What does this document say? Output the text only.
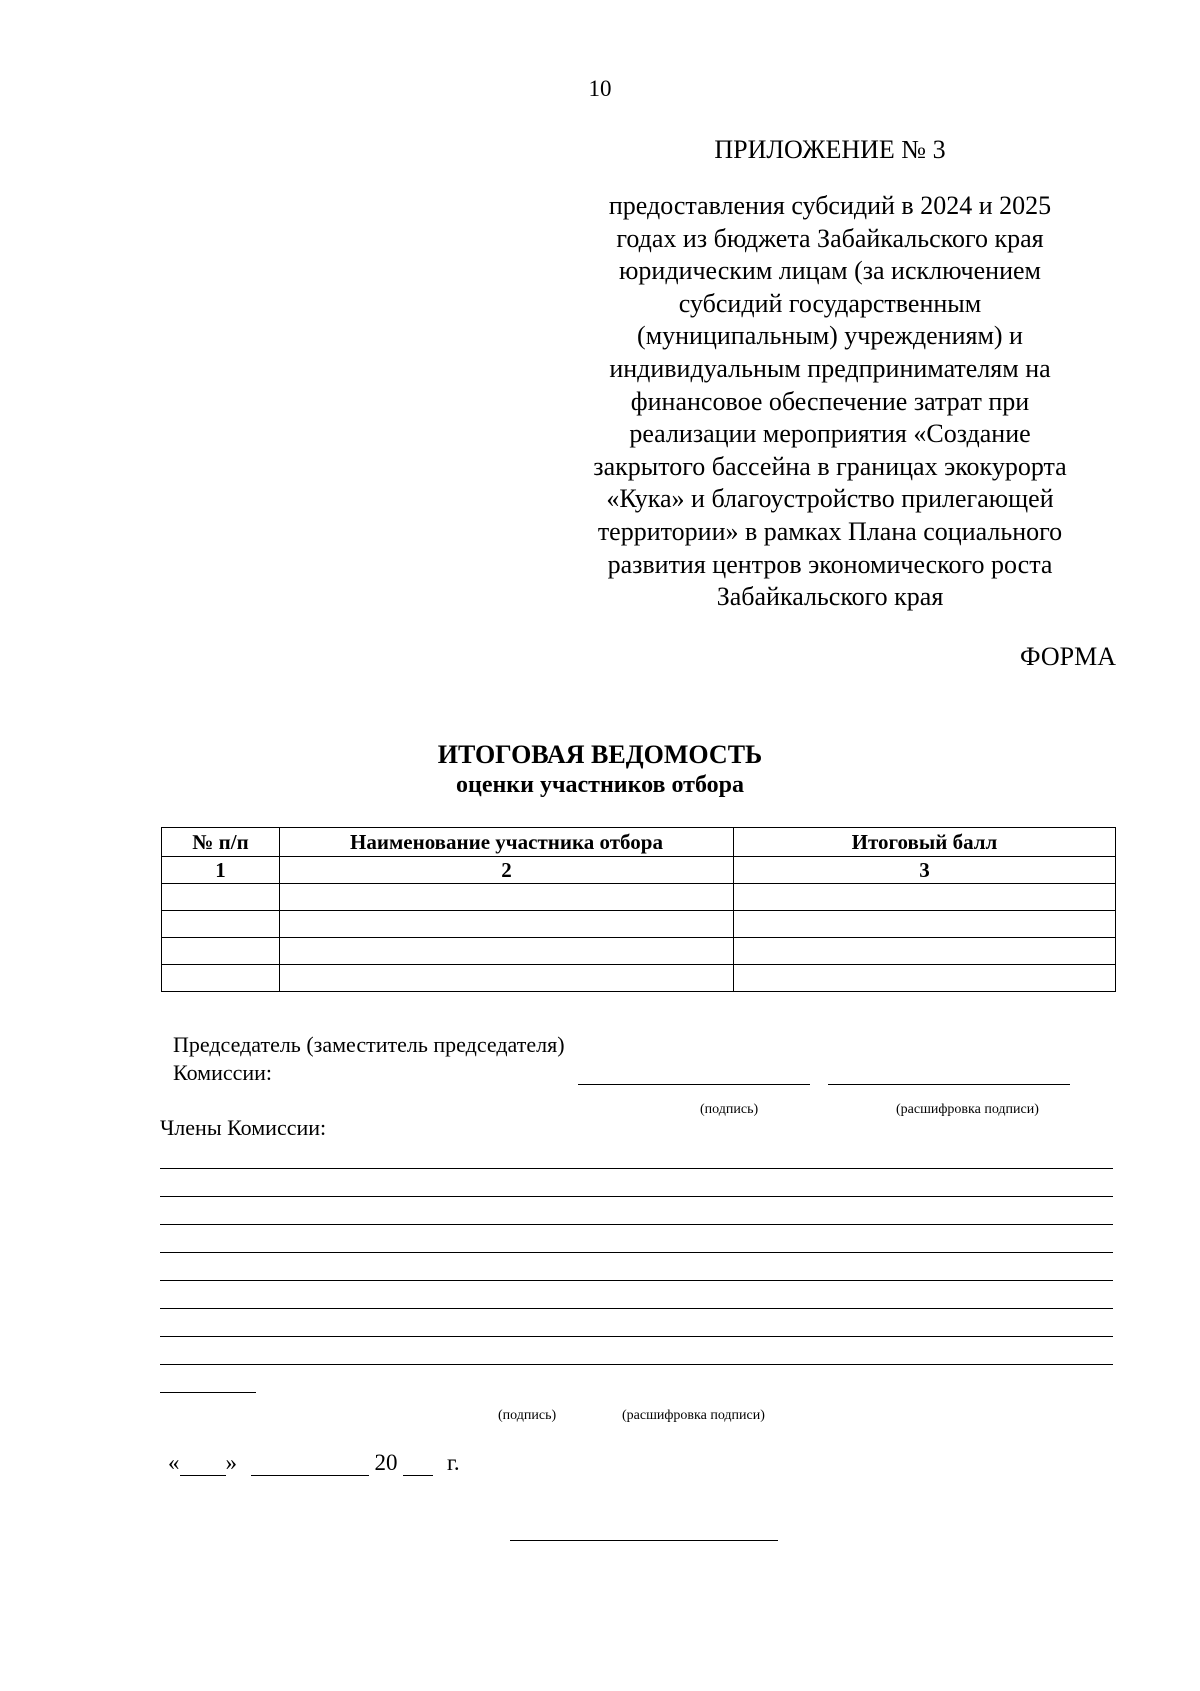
10
ПРИЛОЖЕНИЕ № 3
предоставления субсидий в 2024 и 2025
годах из бюджета Забайкальского края
юридическим лицам (за исключением
субсидий государственным
(муниципальным) учреждениям) и
индивидуальным предпринимателям на
финансовое обеспечение затрат при
реализации мероприятия «Создание
закрытого бассейна в границах экокурорта
«Кука» и благоустройство прилегающей
территории» в рамках Плана социального
развития центров экономического роста
Забайкальского края
ФОРМА
ИТОГОВАЯ ВЕДОМОСТЬ
оценки участников отбора
№ п/п	Наименование участника отбора	Итоговый балл
1	2	3

Председатель (заместитель председателя)
Комиссии:
(подпись)	(расшифровка подписи)
Члены Комиссии:
(подпись)	(расшифровка подписи)
« »	20 г.
